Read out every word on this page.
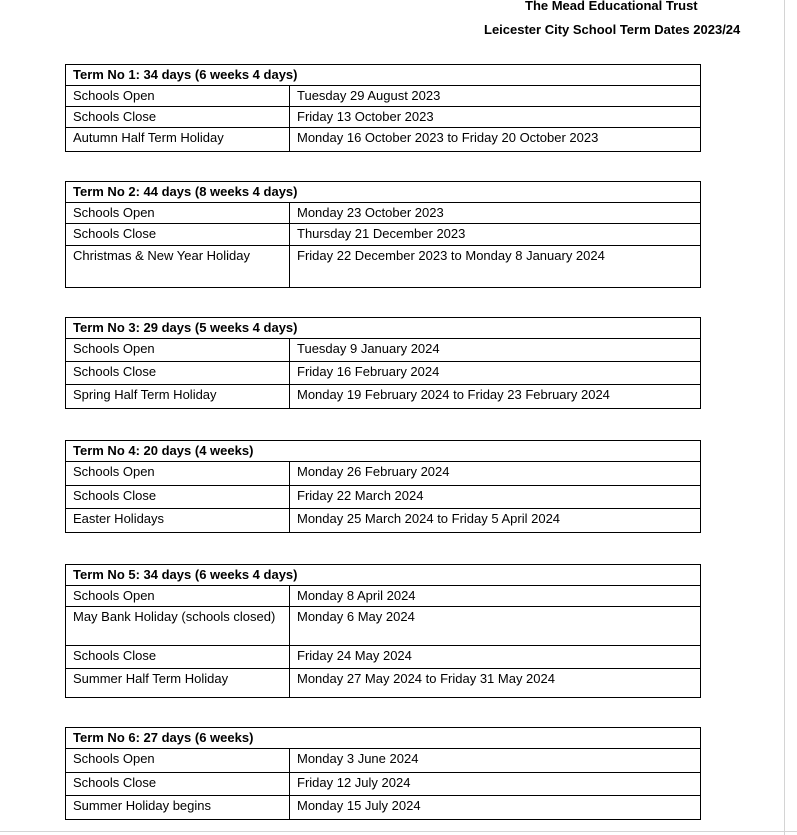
The Mead Educational Trust
Leicester City School Term Dates 2023/24
Term No 1: 34 days (6 weeks 4 days)
Schools Open	Tuesday 29 August 2023
Schools Close	Friday 13 October 2023
Autumn Half Term Holiday	Monday 16 October 2023 to Friday 20 October 2023
Term No 2: 44 days (8 weeks 4 days)
Schools Open	Monday 23 October 2023
Schools Close	Thursday 21 December 2023
Christmas & New Year Holiday	Friday 22 December 2023 to Monday 8 January 2024
Term No 3: 29 days (5 weeks 4 days)
Schools Open	Tuesday 9 January 2024
Schools Close	Friday 16 February 2024
Spring Half Term Holiday	Monday 19 February 2024 to Friday 23 February 2024
Term No 4: 20 days (4 weeks)
Schools Open	Monday 26 February 2024
Schools Close	Friday 22 March 2024
Easter Holidays	Monday 25 March 2024 to Friday 5 April 2024
Term No 5: 34 days (6 weeks 4 days)
Schools Open	Monday 8 April 2024
May Bank Holiday (schools closed)	Monday 6 May 2024
Schools Close	Friday 24 May 2024
Summer Half Term Holiday	Monday 27 May 2024 to Friday 31 May 2024
Term No 6: 27 days (6 weeks)
Schools Open	Monday 3 June 2024
Schools Close	Friday 12 July 2024
Summer Holiday begins	Monday 15 July 2024
